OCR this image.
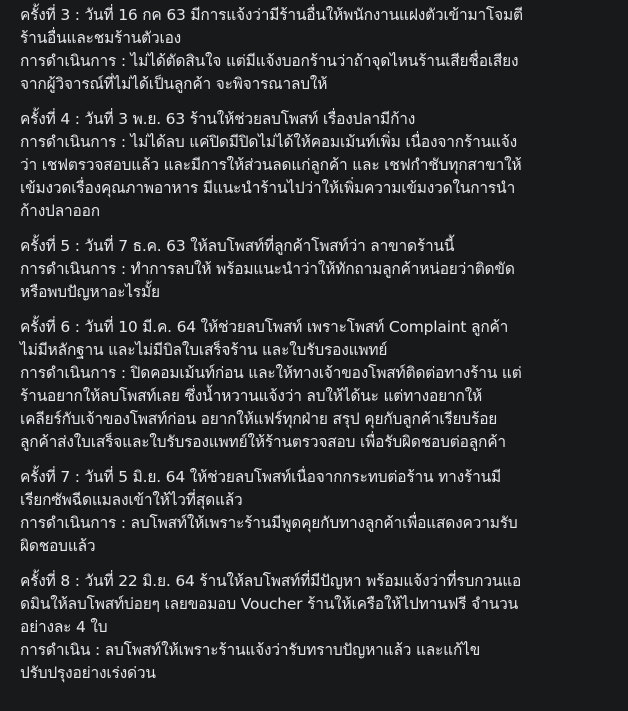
ครั้งที่ 3 : วันที่ 16 กค 63 มีการแจ้งว่ามีร้านอื่นให้พนักงานแฝงตัวเข้ามาโจมตี
ร้านอื่นและชมร้านตัวเอง
การดำเนินการ : ไม่ได้ตัดสินใจ แต่มีแจ้งบอกร้านว่าถ้าจุดไหนร้านเสียชื่อเสียง
จากผู้วิจารณ์ที่ไม่ได้เป็นลูกค้า จะพิจารณาลบให้

ครั้งที่ 4 : วันที่ 3 พ.ย. 63 ร้านให้ช่วยลบโพสท์ เรื่องปลามีก้าง
การดำเนินการ : ไม่ได้ลบ แค่ปิดมีปิดไม่ได้ให้คอมเม้นท์เพิ่ม เนื่องจากร้านแจ้ง
ว่า เชฟตรวจสอบแล้ว และมีการให้ส่วนลดแก่ลูกค้า และ เชฟกำชับทุกสาขาให้
เข้มงวดเรื่องคุณภาพอาหาร มีแนะนำร้านไปว่าให้เพิ่มความเข้มงวดในการนำ
ก้างปลาออก

ครั้งที่ 5 : วันที่ 7 ธ.ค. 63 ให้ลบโพสท์ที่ลูกค้าโพสท์ว่า ลาขาดร้านนี้
การดำเนินการ : ทำการลบให้ พร้อมแนะนำว่าให้ทักถามลูกค้าหน่อยว่าติดขัด
หรือพบปัญหาอะไรมั้ย

ครั้งที่ 6 : วันที่ 10 มี.ค. 64 ให้ช่วยลบโพสท์ เพราะโพสท์ Complaint ลูกค้า
ไม่มีหลักฐาน และไม่มีบิลใบเสร็จร้าน และใบรับรองแพทย์
การดำเนินการ : ปิดคอมเม้นท์ก่อน และให้ทางเจ้าของโพสท์ติดต่อทางร้าน แต่
ร้านอยากให้ลบโพสท์เลย ซึ่งน้ำหวานแจ้งว่า ลบให้ได้นะ แต่ทางอยากให้
เคลียร์กับเจ้าของโพสท์ก่อน อยากให้แฟร์ทุกฝ่าย สรุป คุยกับลูกค้าเรียบร้อย
ลูกค้าส่งใบเสร็จและใบรับรองแพทย์ให้ร้านตรวจสอบ เพื่อรับผิดชอบต่อลูกค้า

ครั้งที่ 7 : วันที่ 5 มิ.ย. 64 ให้ช่วยลบโพสท์เนื่อจากกระทบต่อร้าน ทางร้านมี
เรียกซัพฉีดแมลงเข้าให้ไวที่สุดแล้ว
การดำเนินการ : ลบโพสท์ให้เพราะร้านมีพูดคุยกับทางลูกค้าเพื่อแสดงความรับ
ผิดชอบแล้ว

ครั้งที่ 8 : วันที่ 22 มิ.ย. 64 ร้านให้ลบโพสท์ที่มีปัญหา พร้อมแจ้งว่าที่รบกวนแอ
ดมินให้ลบโพสท์บ่อยๆ เลยขอมอบ Voucher ร้านให้เครือให้ไปทานฟรี จำนวน
อย่างละ 4 ใบ
การดำเนิน : ลบโพสท์ให้เพราะร้านแจ้งว่ารับทราบปัญหาแล้ว และแก้ไข
ปรับปรุงอย่างเร่งด่วน
